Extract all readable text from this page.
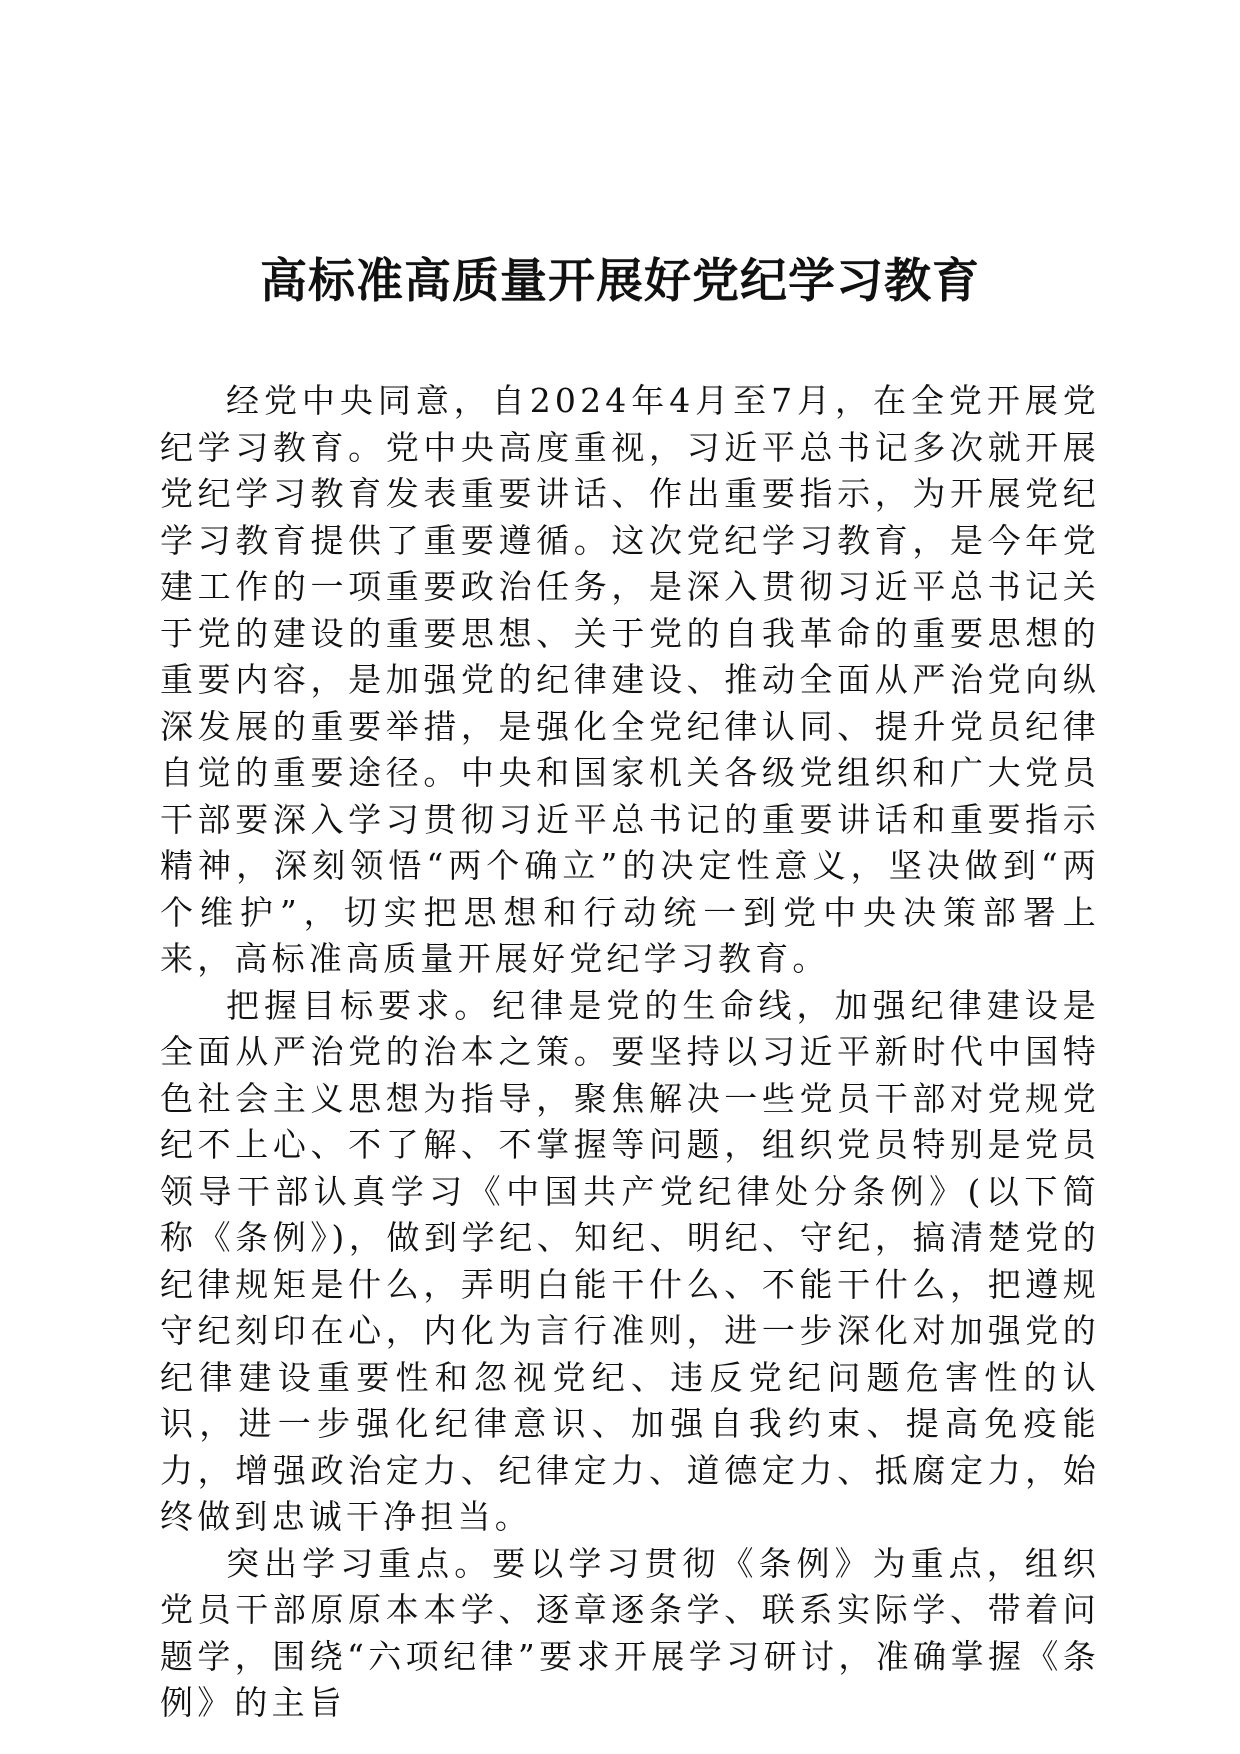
高标准高质量开展好党纪学习教育

经党中央同意，自2024年4月至7月，在全党开展党纪学习教育。党中央高度重视，习近平总书记多次就开展党纪学习教育发表重要讲话、作出重要指示，为开展党纪学习教育提供了重要遵循。这次党纪学习教育，是今年党建工作的一项重要政治任务，是深入贯彻习近平总书记关于党的建设的重要思想、关于党的自我革命的重要思想的重要内容，是加强党的纪律建设、推动全面从严治党向纵深发展的重要举措，是强化全党纪律认同、提升党员纪律自觉的重要途径。中央和国家机关各级党组织和广大党员干部要深入学习贯彻习近平总书记的重要讲话和重要指示精神，深刻领悟“两个确立”的决定性意义，坚决做到“两个维护”，切实把思想和行动统一到党中央决策部署上来，高标准高质量开展好党纪学习教育。

把握目标要求。纪律是党的生命线，加强纪律建设是全面从严治党的治本之策。要坚持以习近平新时代中国特色社会主义思想为指导，聚焦解决一些党员干部对党规党纪不上心、不了解、不掌握等问题，组织党员特别是党员领导干部认真学习《中国共产党纪律处分条例》(以下简称《条例》)，做到学纪、知纪、明纪、守纪，搞清楚党的纪律规矩是什么，弄明白能干什么、不能干什么，把遵规守纪刻印在心，内化为言行准则，进一步深化对加强党的纪律建设重要性和忽视党纪、违反党纪问题危害性的认识，进一步强化纪律意识、加强自我约束、提高免疫能力，增强政治定力、纪律定力、道德定力、抵腐定力，始终做到忠诚干净担当。

突出学习重点。要以学习贯彻《条例》为重点，组织党员干部原原本本学、逐章逐条学、联系实际学、带着问题学，围绕“六项纪律”要求开展学习研讨，准确掌握《条例》的主旨
